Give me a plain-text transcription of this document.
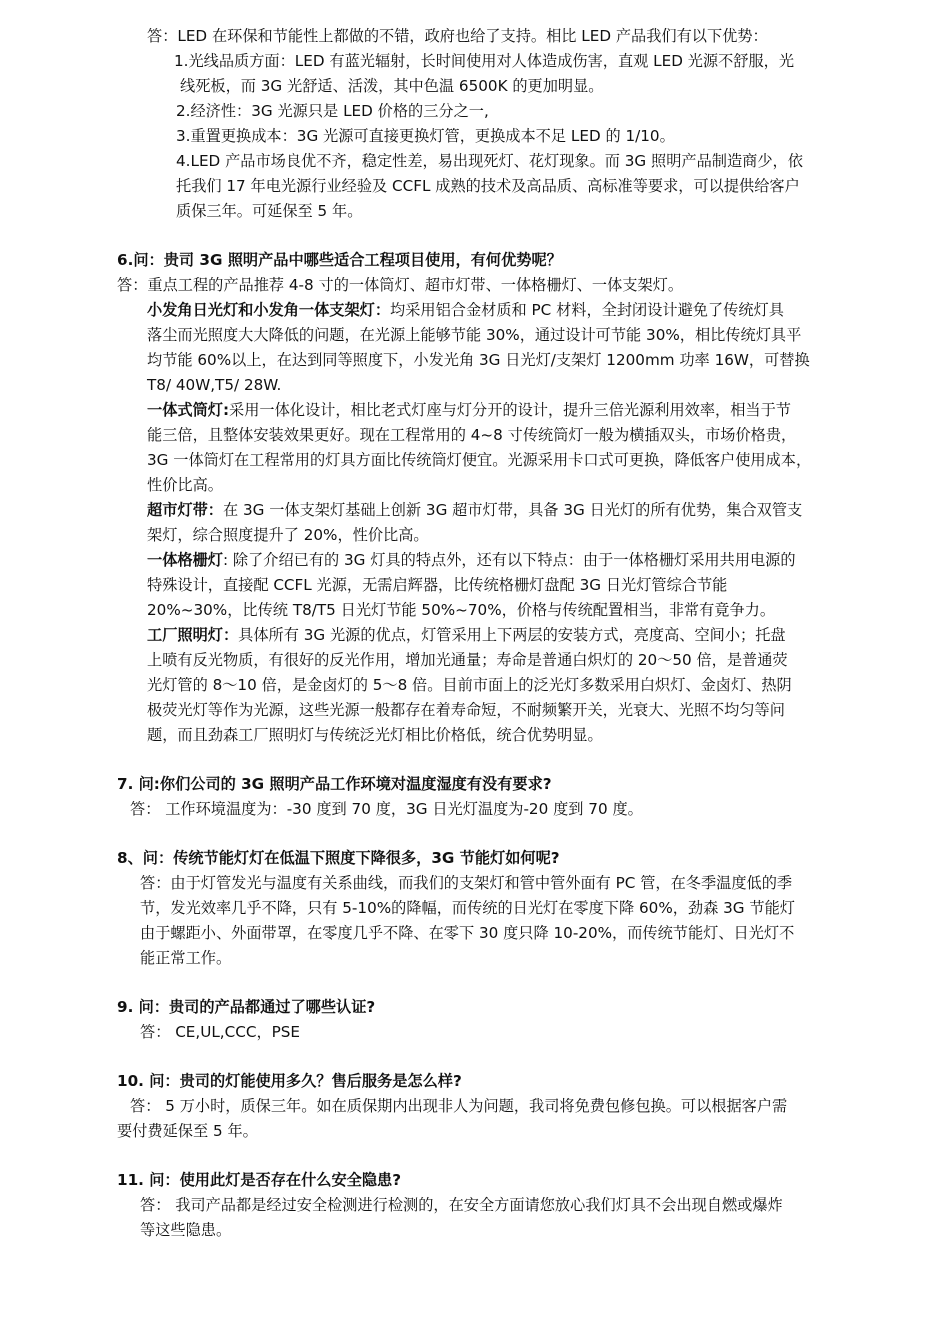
答：LED 在环保和节能性上都做的不错，政府也给了支持。相比 LED 产品我们有以下优势：

1.光线品质方面：LED 有蓝光辐射，长时间使用对人体造成伤害，直观 LED 光源不舒服，光

线死板，而 3G 光舒适、活泼，其中色温 6500K 的更加明显。

2.经济性：3G 光源只是 LED 价格的三分之一,

3.重置更换成本：3G 光源可直接更换灯管，更换成本不足 LED 的 1/10。

4.LED 产品市场良优不齐，稳定性差，易出现死灯、花灯现象。而 3G 照明产品制造商少，依

托我们 17 年电光源行业经验及 CCFL 成熟的技术及高品质、高标准等要求，可以提供给客户

质保三年。可延保至 5 年。

6.问：贵司 3G 照明产品中哪些适合工程项目使用，有何优势呢？

答：重点工程的产品推荐 4-8 寸的一体筒灯、超市灯带、一体格栅灯、一体支架灯。

小发角日光灯和小发角一体支架灯：均采用铝合金材质和 PC 材料，全封闭设计避免了传统灯具

落尘而光照度大大降低的问题，在光源上能够节能 30%，通过设计可节能 30%，相比传统灯具平

均节能 60%以上，在达到同等照度下，小发光角 3G 日光灯/支架灯 1200mm 功率 16W，可替换

T8/ 40W,T5/ 28W.

一体式筒灯:采用一体化设计，相比老式灯座与灯分开的设计，提升三倍光源利用效率，相当于节

能三倍，且整体安装效果更好。现在工程常用的 4~8 寸传统筒灯一般为横插双头，市场价格贵，

3G 一体筒灯在工程常用的灯具方面比传统筒灯便宜。光源采用卡口式可更换，降低客户使用成本，

性价比高。

超市灯带：在 3G 一体支架灯基础上创新 3G 超市灯带，具备 3G 日光灯的所有优势，集合双管支

架灯，综合照度提升了 20%，性价比高。

一体格栅灯: 除了介绍已有的 3G 灯具的特点外，还有以下特点：由于一体格栅灯采用共用电源的

特殊设计，直接配 CCFL 光源，无需启辉器，比传统格栅灯盘配 3G 日光灯管综合节能

20%~30%，比传统 T8/T5 日光灯节能 50%~70%，价格与传统配置相当，非常有竟争力。

工厂照明灯：具体所有 3G 光源的优点，灯管采用上下两层的安装方式，亮度高、空间小；托盘

上喷有反光物质，有很好的反光作用，增加光通量；寿命是普通白炽灯的 20～50 倍，是普通荧

光灯管的 8～10 倍，是金卤灯的 5～8 倍。目前市面上的泛光灯多数采用白炽灯、金卤灯、热阴

极荧光灯等作为光源，这些光源一般都存在着寿命短，不耐频繁开关，光衰大、光照不均匀等问

题，而且劲森工厂照明灯与传统泛光灯相比价格低，统合优势明显。

7. 问:你们公司的 3G 照明产品工作环境对温度湿度有没有要求?

答： 工作环境温度为：-30 度到 70 度，3G 日光灯温度为-20 度到 70 度。

8、问：传统节能灯灯在低温下照度下降很多，3G 节能灯如何呢?

答：由于灯管发光与温度有关系曲线，而我们的支架灯和管中管外面有 PC 管，在冬季温度低的季

节，发光效率几乎不降，只有 5-10%的降幅，而传统的日光灯在零度下降 60%，劲森 3G 节能灯

由于螺距小、外面带罩，在零度几乎不降、在零下 30 度只降 10-20%，而传统节能灯、日光灯不

能正常工作。

9. 问：贵司的产品都通过了哪些认证?

答： CE,UL,CCC，PSE

10. 问：贵司的灯能使用多久？售后服务是怎么样?

答： 5 万小时，质保三年。如在质保期内出现非人为问题，我司将免费包修包换。可以根据客户需

要付费延保至 5 年。

11. 问：使用此灯是否存在什么安全隐患?

答： 我司产品都是经过安全检测进行检测的，在安全方面请您放心我们灯具不会出现自燃或爆炸

等这些隐患。
